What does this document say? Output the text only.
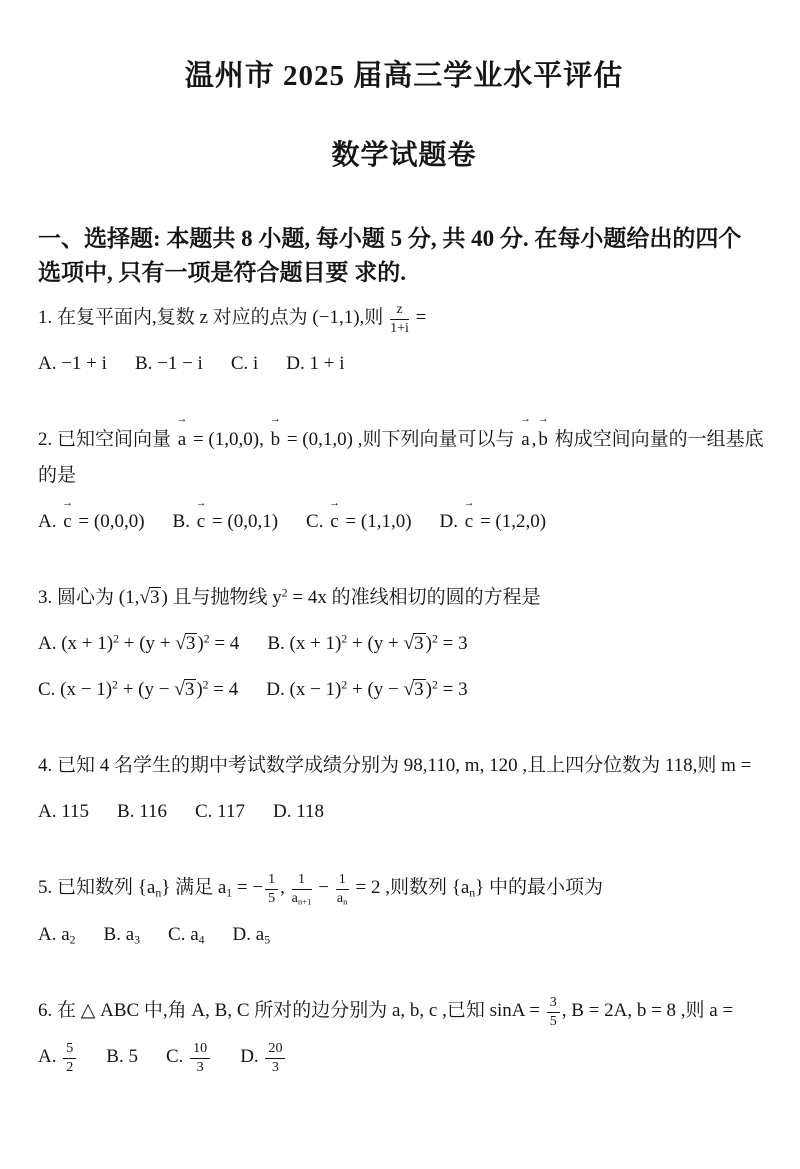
温州市 2025 届高三学业水平评估
数学试题卷
一、选择题: 本题共 8 小题, 每小题 5 分, 共 40 分. 在每小题给出的四个
选项中, 只有一项是符合题目要 求的.
1. 在复平面内,复数 z 对应的点为 (−1,1),则 $\frac{z}{1+i}$ =
A. −1 + i B. −1 − i C. i D. 1 + i
2. 已知空间向量
→
a = (1,0,0),
→
b = (0,1,0) ,则下列向量可以与
→
a ,
→
b 构成空间向量的一组基底的是
A.
→
c = (0,0,0) B.
→
c = (0,0,1) C.
→
c = (1,1,0) D.
→
c = (1,2,0)
3. 圆心为 (1,√3 ) 且与抛物线 $y^2 = 4x$ 的准线相切的圆的方程是
A. $(x + 1)^2 + (y + √3$ )$^2$ = 4 B. $(x + 1)^2 + (y + √3$ )$^2$ = 3
C. $(x - 1)^2 + (y - √3$ )$^2$ = 4 D. $(x - 1)^2 + (y - √3$ )$^2$ = 3
4. 已知 4 名学生的期中考试数学成绩分别为 98,110, m, 120 ,且上四分位数为 118,则 m =
A. 115 B. 116 C. 117 D. 118
5. 已知数列 $\{a_n\}$ 满足 $a_1$ = − $\frac{1}{5}$ , $\frac{1}{a_{n+1}} - \frac{1}{a_n} = 2$ ,则数列 $\{a_n\}$ 中的最小项为
A. $a_2$ B. $a_3$ C. $a_4$ D. $a_5$
6. 在 △ ABC 中,角 A, B, C 所对的边分别为 a, b, c ,已知 $\sin A = \frac{3}{5}$ , B = 2A, b = 8 ,则 a =
A. $\frac{5}{2} B$. 5 C. $\frac{10}{3} D$. $\frac{20}{3}$
